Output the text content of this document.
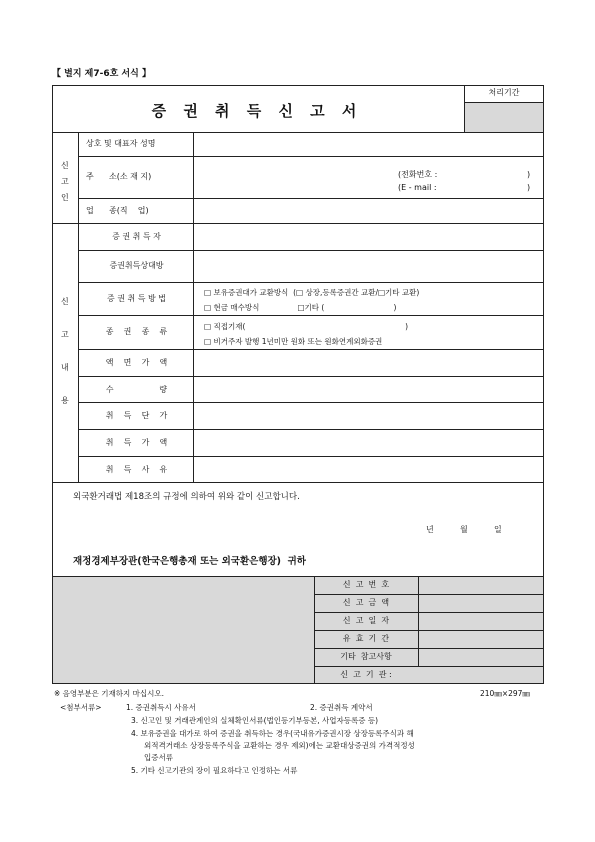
【 별지 제7-6호 서식 】
증 권 취 득 신 고 서
처리기간
신
고
인
상호 및 대표자 성명
주      소(소 재 지)	(전화번호 :	)
(E - mail :	)
업      종(직    업)
신
고
내
용
증 권 취 득 자
증권취득상대방
증 권 취 득 방 법
□ 보유증권대가 교환방식  (□ 상장,등록증권간 교환/□기타 교환)
□ 현금 매수방식                □기타 (                             )
종    권    종    류
□ 직접기재(                                                                   )
□ 비거주자 발행 1년미만 원화 또는 원화연계외화증권
액    면    가    액
수                  량
취    득    단    가
취    득    가    액
취    득    사    유
외국환거래법 제18조의 규정에 의하여 위와 같이 신고합니다.
년	월	일
재정경제부장관(한국은행총재 또는 외국환은행장)  귀하
신  고  번  호
신  고  금  액
신  고  일  자
유  효  기  간
기타  참고사항
신  고  기  관 :
※ 음영부분은 기재하지 마십시오.	210㎜×297㎜
<첨부서류>	1. 증권취득시 사유서	2. 증권취득 계약서
3. 신고인 및 거래관계인의 실체확인서류(법인등기부등본, 사업자등록증 등)
4. 보유증권을 대가로 하여 증권을 취득하는 경우(국내유가증권시장 상장등록주식과 해
외적격거래소 상장등록주식을 교환하는 경우 제외)에는 교환대상증권의 가격적정성
입증서류
5. 기타 신고기관의 장이 필요하다고 인정하는 서류
